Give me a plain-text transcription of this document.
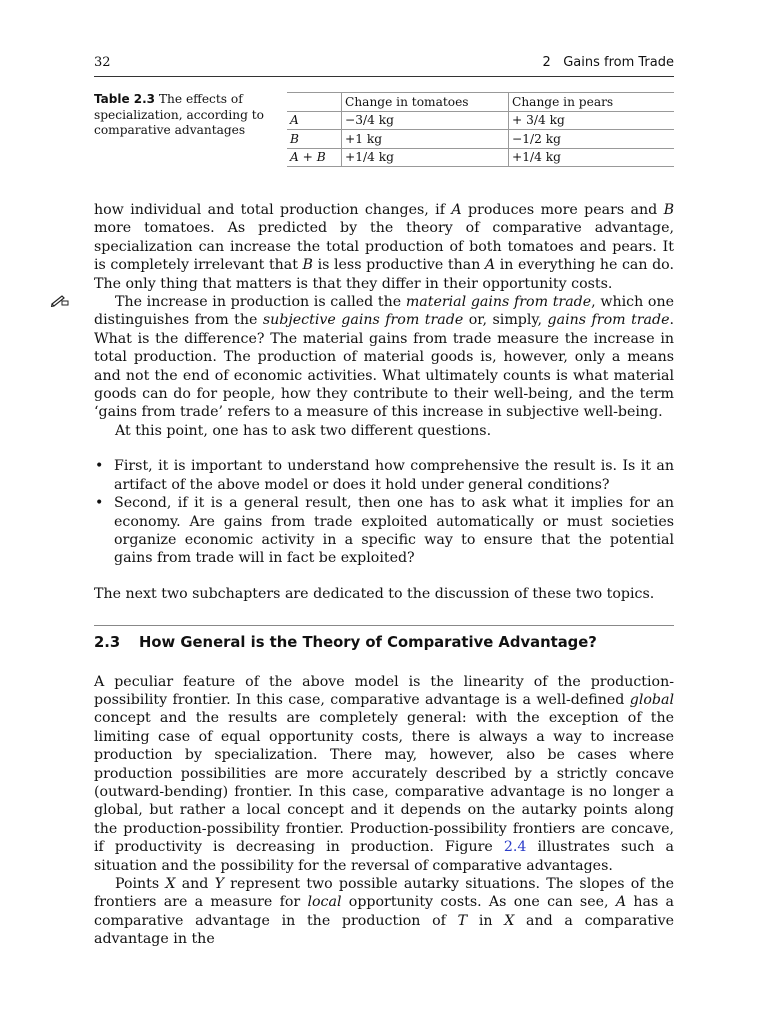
32	2   Gains from Trade
Table 2.3 The effects of specialization, according to comparative advantages
	Change in tomatoes	Change in pears
A	−3/4 kg	+ 3/4 kg
B	+1 kg	−1/2 kg
A + B	+1/4 kg	+1/4 kg

how individual and total production changes, if A produces more pears and B more tomatoes. As predicted by the theory of comparative advantage, specialization can increase the total production of both tomatoes and pears. It is completely irrelevant that B is less productive than A in everything he can do. The only thing that matters is that they differ in their opportunity costs.

The increase in production is called the material gains from trade, which one distinguishes from the subjective gains from trade or, simply, gains from trade. What is the difference? The material gains from trade measure the increase in total production. The production of material goods is, however, only a means and not the end of economic activities. What ultimately counts is what material goods can do for people, how they contribute to their well-being, and the term ‘gains from trade’ refers to a measure of this increase in subjective well-being.

At this point, one has to ask two different questions.

• First, it is important to understand how comprehensive the result is. Is it an artifact of the above model or does it hold under general conditions?
• Second, if it is a general result, then one has to ask what it implies for an economy. Are gains from trade exploited automatically or must societies organize economic activity in a specific way to ensure that the potential gains from trade will in fact be exploited?

The next two subchapters are dedicated to the discussion of these two topics.

2.3 How General is the Theory of Comparative Advantage?

A peculiar feature of the above model is the linearity of the production-possibility frontier. In this case, comparative advantage is a well-defined global concept and the results are completely general: with the exception of the limiting case of equal opportunity costs, there is always a way to increase production by specialization. There may, however, also be cases where production possibilities are more accurately described by a strictly concave (outward-bending) frontier. In this case, comparative advantage is no longer a global, but rather a local concept and it depends on the autarky points along the production-possibility frontier. Production-possibility frontiers are concave, if productivity is decreasing in production. Figure 2.4 illustrates such a situation and the possibility for the reversal of comparative advantages.

Points X and Y represent two possible autarky situations. The slopes of the frontiers are a measure for local opportunity costs. As one can see, A has a comparative advantage in the production of T in X and a comparative advantage in the
